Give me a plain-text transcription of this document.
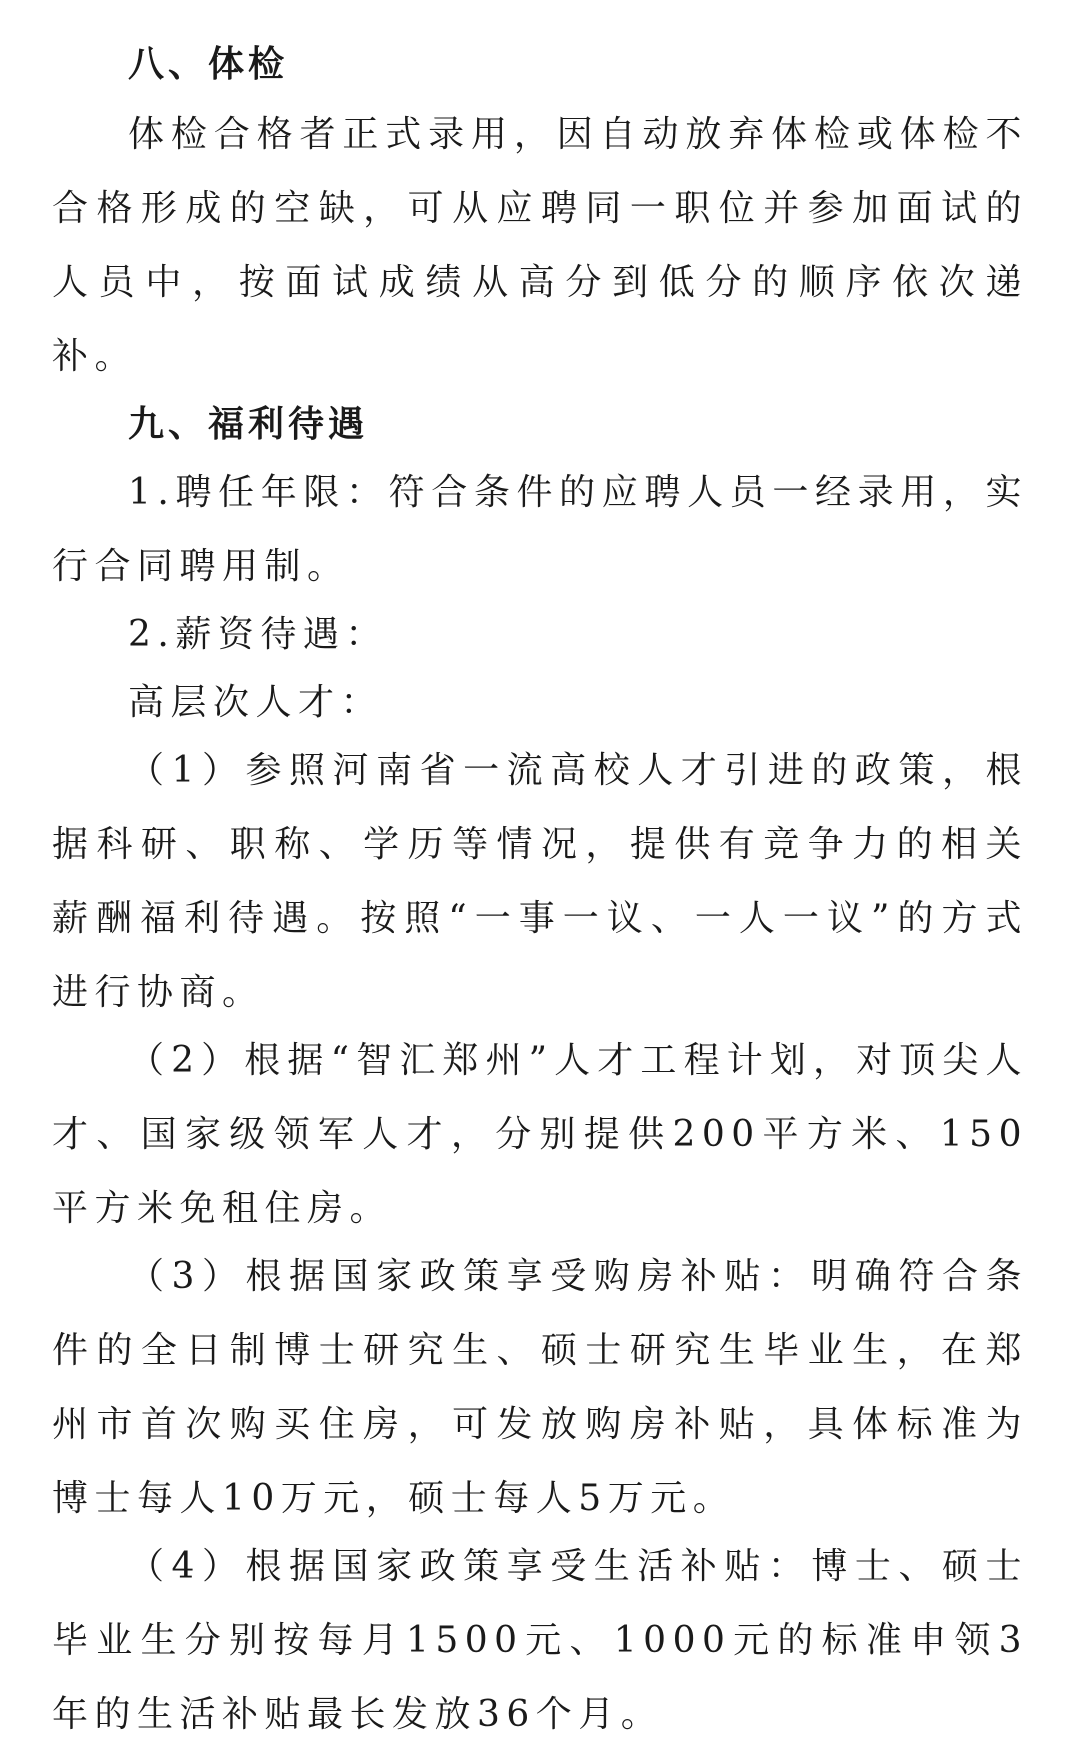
八、体检

体检合格者正式录用，因自动放弃体检或体检不合格形成的空缺，可从应聘同一职位并参加面试的人员中，按面试成绩从高分到低分的顺序依次递补。

九、福利待遇

1.聘任年限：符合条件的应聘人员一经录用，实行合同聘用制。

2.薪资待遇：

高层次人才：

（1）参照河南省一流高校人才引进的政策，根据科研、职称、学历等情况，提供有竞争力的相关薪酬福利待遇。按照“一事一议、一人一议”的方式进行协商。

（2）根据“智汇郑州”人才工程计划，对顶尖人才、国家级领军人才，分别提供200平方米、150平方米免租住房。

（3）根据国家政策享受购房补贴：明确符合条件的全日制博士研究生、硕士研究生毕业生，在郑州市首次购买住房，可发放购房补贴，具体标准为博士每人10万元，硕士每人5万元。

（4）根据国家政策享受生活补贴：博士、硕士毕业生分别按每月1500元、1000元的标准申领3年的生活补贴最长发放36个月。
